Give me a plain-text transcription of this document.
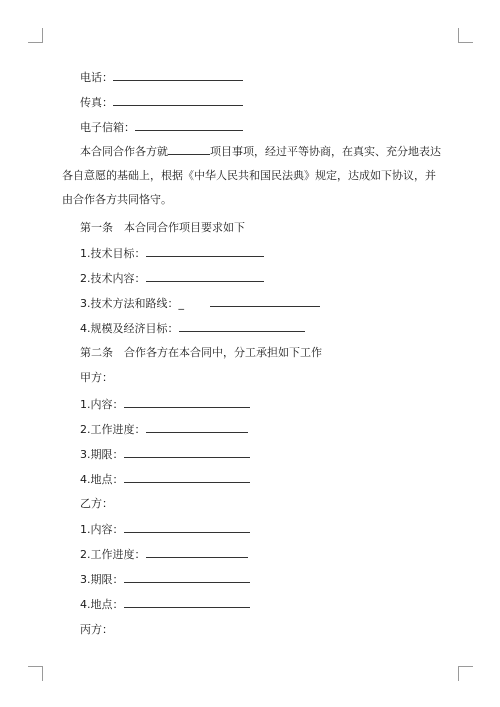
电话：
传真：
电子信箱：
本合同合作各方就	项目事项，经过平等协商，在真实、充分地表达各自意愿的基础上，根据《中华人民共和国民法典》规定，达成如下协议，并由合作各方共同恪守。
第一条　本合同合作项目要求如下
1.技术目标：
2.技术内容：
3.技术方法和路线：_
4.规模及经济目标：
第二条　合作各方在本合同中，分工承担如下工作
甲方：
1.内容：
2.工作进度：
3.期限：
4.地点：
乙方：
1.内容：
2.工作进度：
3.期限：
4.地点：
丙方：
